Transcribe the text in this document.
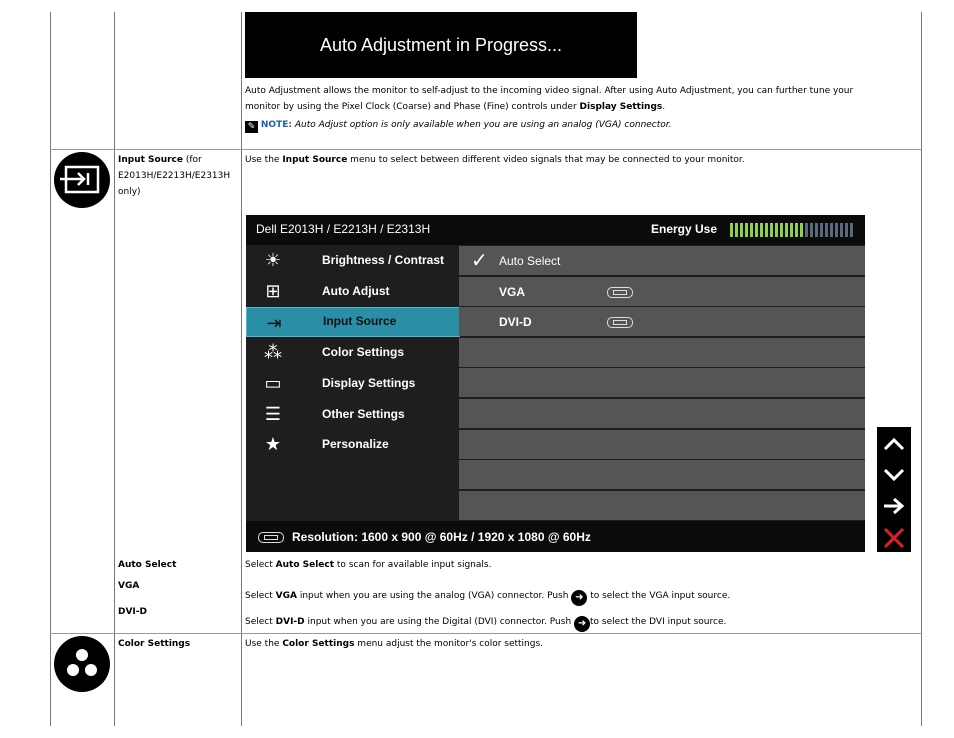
Auto Adjustment in Progress...
Auto Adjustment allows the monitor to self-adjust to the incoming video signal. After using Auto Adjustment, you can further tune your
monitor by using the Pixel Clock (Coarse) and Phase (Fine) controls under Display Settings.
✎ NOTE: Auto Adjust option is only available when you are using an analog (VGA) connector.
Input Source (for
E2013H/E2213H/E2313H
only)
Use the Input Source menu to select between different video signals that may be connected to your monitor.
Dell E2013H / E2213H / E2313H	Energy Use
☀	Brightness / Contrast
⊞	Auto Adjust
⇥	Input Source
⁂	Color Settings
▭	Display Settings
☰	Other Settings
★	Personalize
✓ Auto Select
VGA
DVI-D
Resolution: 1600 x 900 @ 60Hz / 1920 x 1080 @ 60Hz
Auto Select	Select Auto Select to scan for available input signals.
VGA
Select VGA input when you are using the analog (VGA) connector. Push ➜ to select the VGA input source.
DVI-D
Select DVI-D input when you are using the Digital (DVI) connector. Push ➜ to select the DVI input source.
Color Settings	Use the Color Settings menu adjust the monitor's color settings.
